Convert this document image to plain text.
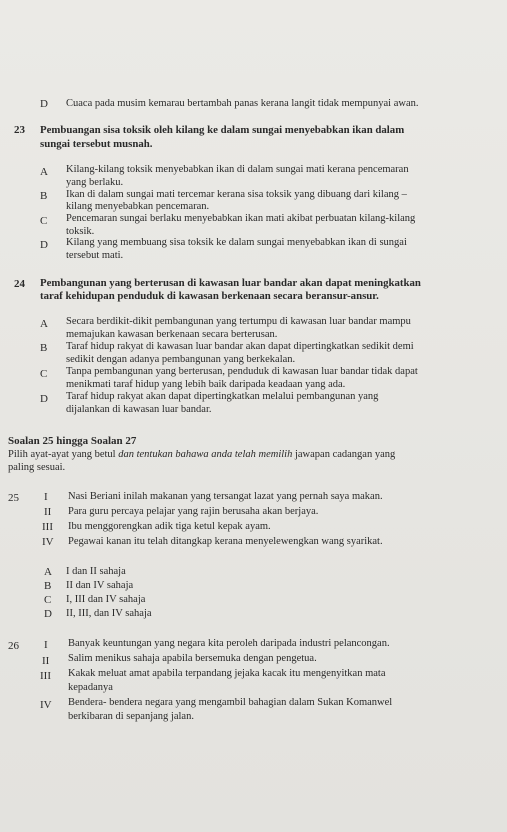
D Cuaca pada musim kemarau bertambah panas kerana langit tidak mempunyai awan.
23 Pembuangan sisa toksik oleh kilang ke dalam sungai menyebabkan ikan dalam
sungai tersebut musnah.
A Kilang-kilang toksik menyebabkan ikan di dalam sungai mati kerana pencemaran
yang berlaku.
B Ikan di dalam sungai mati tercemar kerana sisa toksik yang dibuang dari kilang –
kilang menyebabkan pencemaran.
C Pencemaran sungai berlaku menyebabkan ikan mati akibat perbuatan kilang-kilang
toksik.
D Kilang yang membuang sisa toksik ke dalam sungai menyebabkan ikan di sungai
tersebut mati.
24 Pembangunan yang berterusan di kawasan luar bandar akan dapat meningkatkan
taraf kehidupan penduduk di kawasan berkenaan secara beransur-ansur.
A Secara berdikit-dikit pembangunan yang tertumpu di kawasan luar bandar mampu
memajukan kawasan berkenaan secara berterusan.
B Taraf hidup rakyat di kawasan luar bandar akan dapat dipertingkatkan sedikit demi
sedikit dengan adanya pembangunan yang berkekalan.
C Tanpa pembangunan yang berterusan, penduduk di kawasan luar bandar tidak dapat
menikmati taraf hidup yang lebih baik daripada keadaan yang ada.
D Taraf hidup rakyat akan dapat dipertingkatkan melalui pembangunan yang
dijalankan di kawasan luar bandar.
Soalan 25 hingga Soalan 27
Pilih ayat-ayat yang betul dan tentukan bahawa anda telah memilih jawapan cadangan yang
paling sesuai.
25 I Nasi Beriani inilah makanan yang tersangat lazat yang pernah saya makan.
II Para guru percaya pelajar yang rajin berusaha akan berjaya.
III Ibu menggorengkan adik tiga ketul kepak ayam.
IV Pegawai kanan itu telah ditangkap kerana menyelewengkan wang syarikat.
A I dan II sahaja
B II dan IV sahaja
C I, III dan IV sahaja
D II, III, dan IV sahaja
26 I Banyak keuntungan yang negara kita peroleh daripada industri pelancongan.
II Salim menikus sahaja apabila bersemuka dengan pengetua.
III Kakak meluat amat apabila terpandang jejaka kacak itu mengenyitkan mata
kepadanya
IV Bendera- bendera negara yang mengambil bahagian dalam Sukan Komanwel
berkibaran di sepanjang jalan.
